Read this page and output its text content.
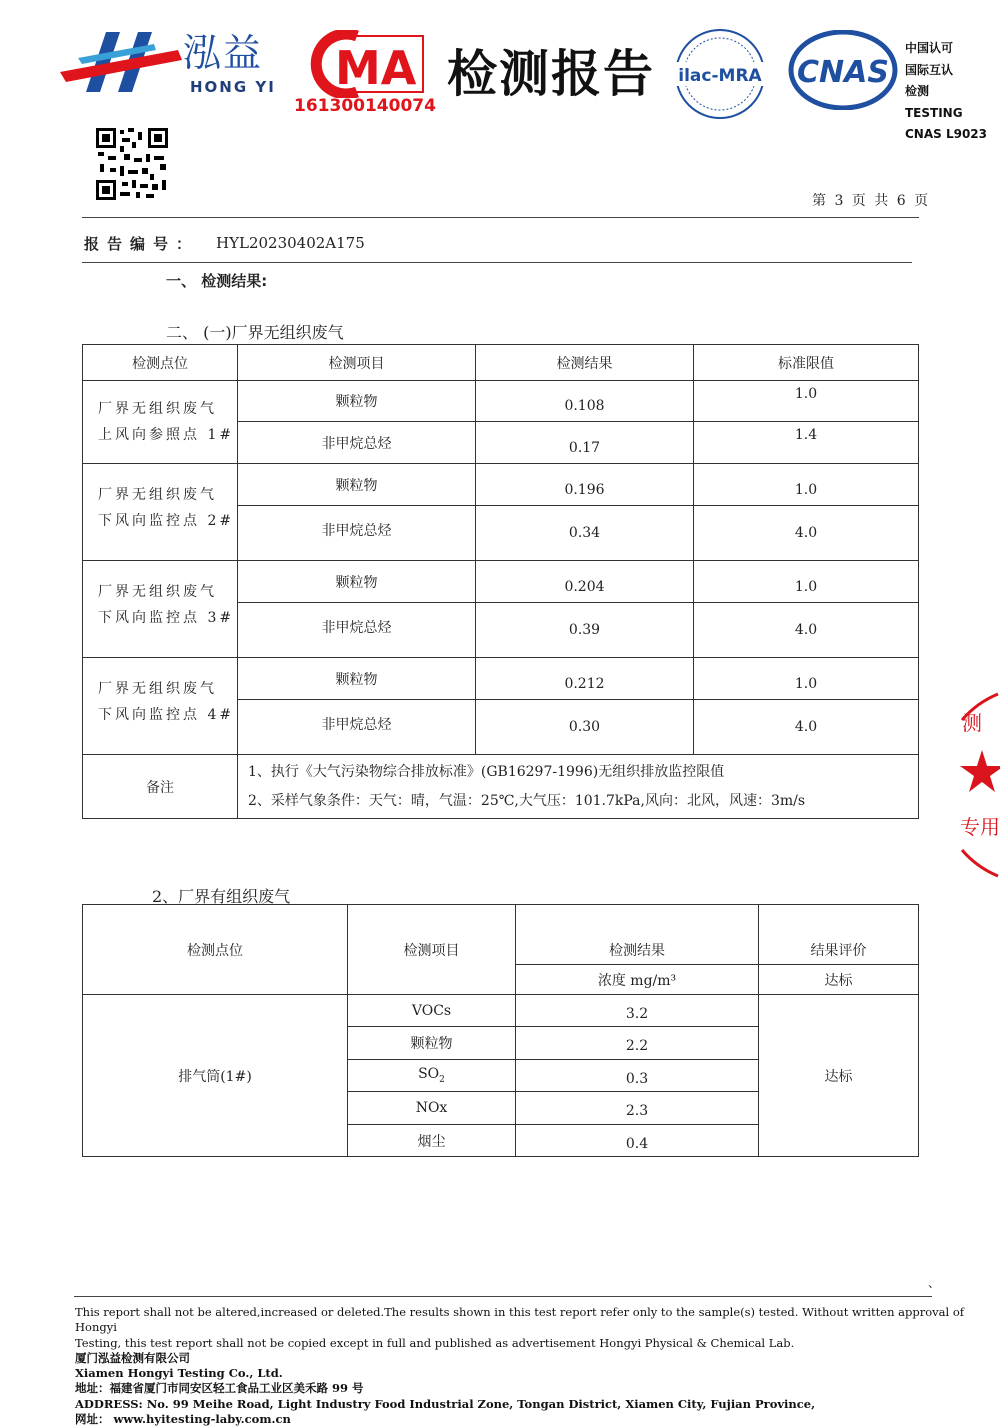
泓益
HONG YI MA
161300140074
检测报告 ilac-MRA CNAS
中国认可
国际互认
检测
TESTING
CNAS L9023
第 3 页 共 6 页
报告编号： HYL20230402A175
一、 检测结果:
二、 (一)厂界无组织废气
检测点位	检测项目	检测结果	标准限值

厂界无组织废气
上风向参照点 1#	颗粒物	0.108	1.0
	非甲烷总烃	0.17	1.4

厂界无组织废气
下风向监控点 2#	颗粒物	0.196	1.0
	非甲烷总烃	0.34	4.0

厂界无组织废气
下风向监控点 3#	颗粒物	0.204	1.0
	非甲烷总烃	0.39	4.0

厂界无组织废气
下风向监控点 4#	颗粒物	0.212	1.0
	非甲烷总烃	0.30	4.0
备注	1、执行《大气污染物综合排放标准》(GB16297-1996)无组织排放监控限值
2、采样气象条件：天气：晴，气温：25℃,大气压：101.7kPa,风向：北风，风速：3m/s		
测
专用
2、厂界有组织废气
检测点位	检测项目	检测结果	结果评价
		浓度 mg/m³	达标
排气筒(1#)	VOCs	3.2	达标
	颗粒物	2.2	
	$SO_2$	0.3	
	NOx	2.3	
	烟尘	0.4	
、
This report shall not be altered,increased or deleted.The results shown in this test report refer only to the sample(s) tested. Without written approval of Hongyi
Testing, this test report shall not be copied except in full and published as advertisement Hongyi Physical & Chemical Lab.
厦门泓益检测有限公司
Xiamen Hongyi Testing Co., Ltd.
地址：福建省厦门市同安区轻工食品工业区美禾路 99 号
ADDRESS: No. 99 Meihe Road, Light Industry Food Industrial Zone, Tongan District, Xiamen City, Fujian Province,
网址： www.hyitesting-laby.com.cn
